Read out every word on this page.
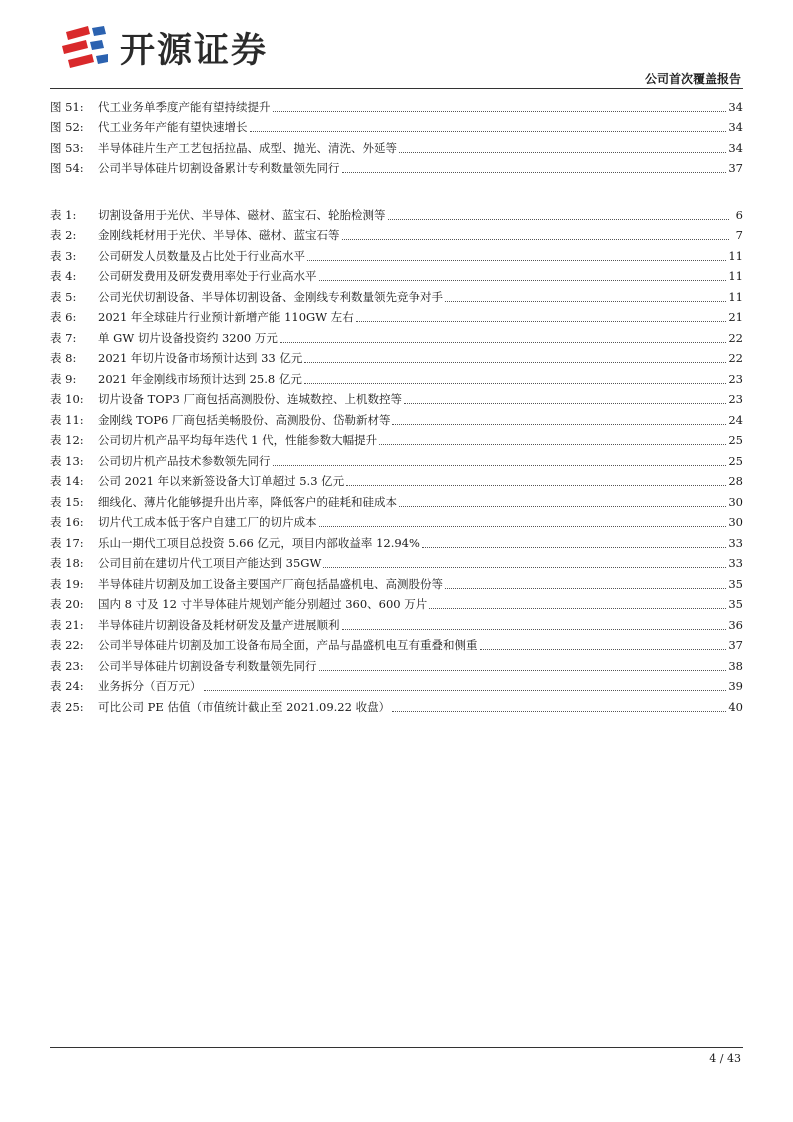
开源证券
公司首次覆盖报告
图 51:	代工业务单季度产能有望持续提升	34
图 52:	代工业务年产能有望快速增长	34
图 53:	半导体硅片生产工艺包括拉晶、成型、抛光、清洗、外延等	34
图 54:	公司半导体硅片切割设备累计专利数量领先同行	37
表 1:	切割设备用于光伏、半导体、磁材、蓝宝石、轮胎检测等	6
表 2:	金刚线耗材用于光伏、半导体、磁材、蓝宝石等	7
表 3:	公司研发人员数量及占比处于行业高水平	11
表 4:	公司研发费用及研发费用率处于行业高水平	11
表 5:	公司光伏切割设备、半导体切割设备、金刚线专利数量领先竞争对手	11
表 6:	2021 年全球硅片行业预计新增产能 110GW 左右	21
表 7:	单 GW 切片设备投资约 3200 万元	22
表 8:	2021 年切片设备市场预计达到 33 亿元	22
表 9:	2021 年金刚线市场预计达到 25.8 亿元	23
表 10:	切片设备 TOP3 厂商包括高测股份、连城数控、上机数控等	23
表 11:	金刚线 TOP6 厂商包括美畅股份、高测股份、岱勒新材等	24
表 12:	公司切片机产品平均每年迭代 1 代，性能参数大幅提升	25
表 13:	公司切片机产品技术参数领先同行	25
表 14:	公司 2021 年以来新签设备大订单超过 5.3 亿元	28
表 15:	细线化、薄片化能够提升出片率，降低客户的硅耗和硅成本	30
表 16:	切片代工成本低于客户自建工厂的切片成本	30
表 17:	乐山一期代工项目总投资 5.66 亿元，项目内部收益率 12.94%	33
表 18:	公司目前在建切片代工项目产能达到 35GW	33
表 19:	半导体硅片切割及加工设备主要国产厂商包括晶盛机电、高测股份等	35
表 20:	国内 8 寸及 12 寸半导体硅片规划产能分别超过 360、600 万片	35
表 21:	半导体硅片切割设备及耗材研发及量产进展顺利	36
表 22:	公司半导体硅片切割及加工设备布局全面，产品与晶盛机电互有重叠和侧重	37
表 23:	公司半导体硅片切割设备专利数量领先同行	38
表 24:	业务拆分（百万元）	39
表 25:	可比公司 PE 估值（市值统计截止至 2021.09.22 收盘）	40
4 / 43
